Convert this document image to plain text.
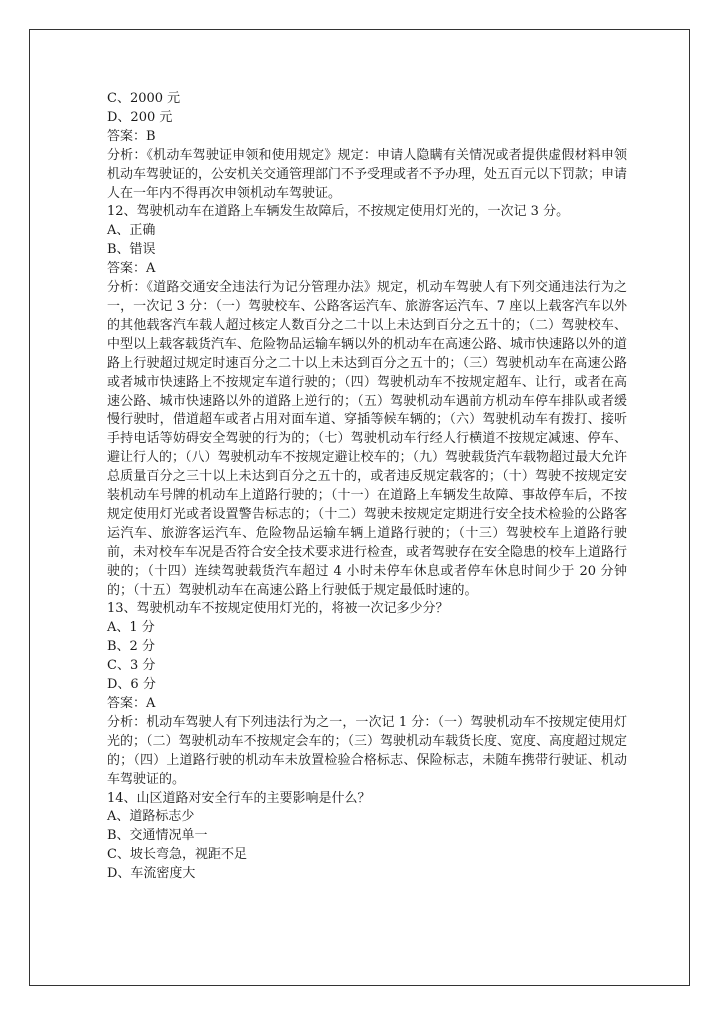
C、2000 元

D、200 元

答案：B

分析：《机动车驾驶证申领和使用规定》规定：申请人隐瞒有关情况或者提供虚假材料申领机动车驾驶证的，公安机关交通管理部门不予受理或者不予办理，处五百元以下罚款；申请人在一年内不得再次申领机动车驾驶证。

12、驾驶机动车在道路上车辆发生故障后，不按规定使用灯光的，一次记 3 分。

A、正确

B、错误

答案：A

分析：《道路交通安全违法行为记分管理办法》规定，机动车驾驶人有下列交通违法行为之一，一次记 3 分：（一）驾驶校车、公路客运汽车、旅游客运汽车、7 座以上载客汽车以外的其他载客汽车载人超过核定人数百分之二十以上未达到百分之五十的；（二）驾驶校车、中型以上载客载货汽车、危险物品运输车辆以外的机动车在高速公路、城市快速路以外的道路上行驶超过规定时速百分之二十以上未达到百分之五十的；（三）驾驶机动车在高速公路或者城市快速路上不按规定车道行驶的；（四）驾驶机动车不按规定超车、让行，或者在高速公路、城市快速路以外的道路上逆行的；（五）驾驶机动车遇前方机动车停车排队或者缓慢行驶时，借道超车或者占用对面车道、穿插等候车辆的；（六）驾驶机动车有拨打、接听手持电话等妨碍安全驾驶的行为的；（七）驾驶机动车行经人行横道不按规定减速、停车、避让行人的；（八）驾驶机动车不按规定避让校车的；（九）驾驶载货汽车载物超过最大允许总质量百分之三十以上未达到百分之五十的，或者违反规定载客的；（十）驾驶不按规定安装机动车号牌的机动车上道路行驶的；（十一）在道路上车辆发生故障、事故停车后，不按规定使用灯光或者设置警告标志的；（十二）驾驶未按规定定期进行安全技术检验的公路客运汽车、旅游客运汽车、危险物品运输车辆上道路行驶的；（十三）驾驶校车上道路行驶前，未对校车车况是否符合安全技术要求进行检查，或者驾驶存在安全隐患的校车上道路行驶的；（十四）连续驾驶载货汽车超过 4 小时未停车休息或者停车休息时间少于 20 分钟的；（十五）驾驶机动车在高速公路上行驶低于规定最低时速的。

13、驾驶机动车不按规定使用灯光的，将被一次记多少分？

A、1 分

B、2 分

C、3 分

D、6 分

答案：A

分析：机动车驾驶人有下列违法行为之一，一次记 1 分：（一）驾驶机动车不按规定使用灯光的；（二）驾驶机动车不按规定会车的；（三）驾驶机动车载货长度、宽度、高度超过规定的；（四）上道路行驶的机动车未放置检验合格标志、保险标志，未随车携带行驶证、机动车驾驶证的。

14、山区道路对安全行车的主要影响是什么？

A、道路标志少

B、交通情况单一

C、坡长弯急，视距不足

D、车流密度大
